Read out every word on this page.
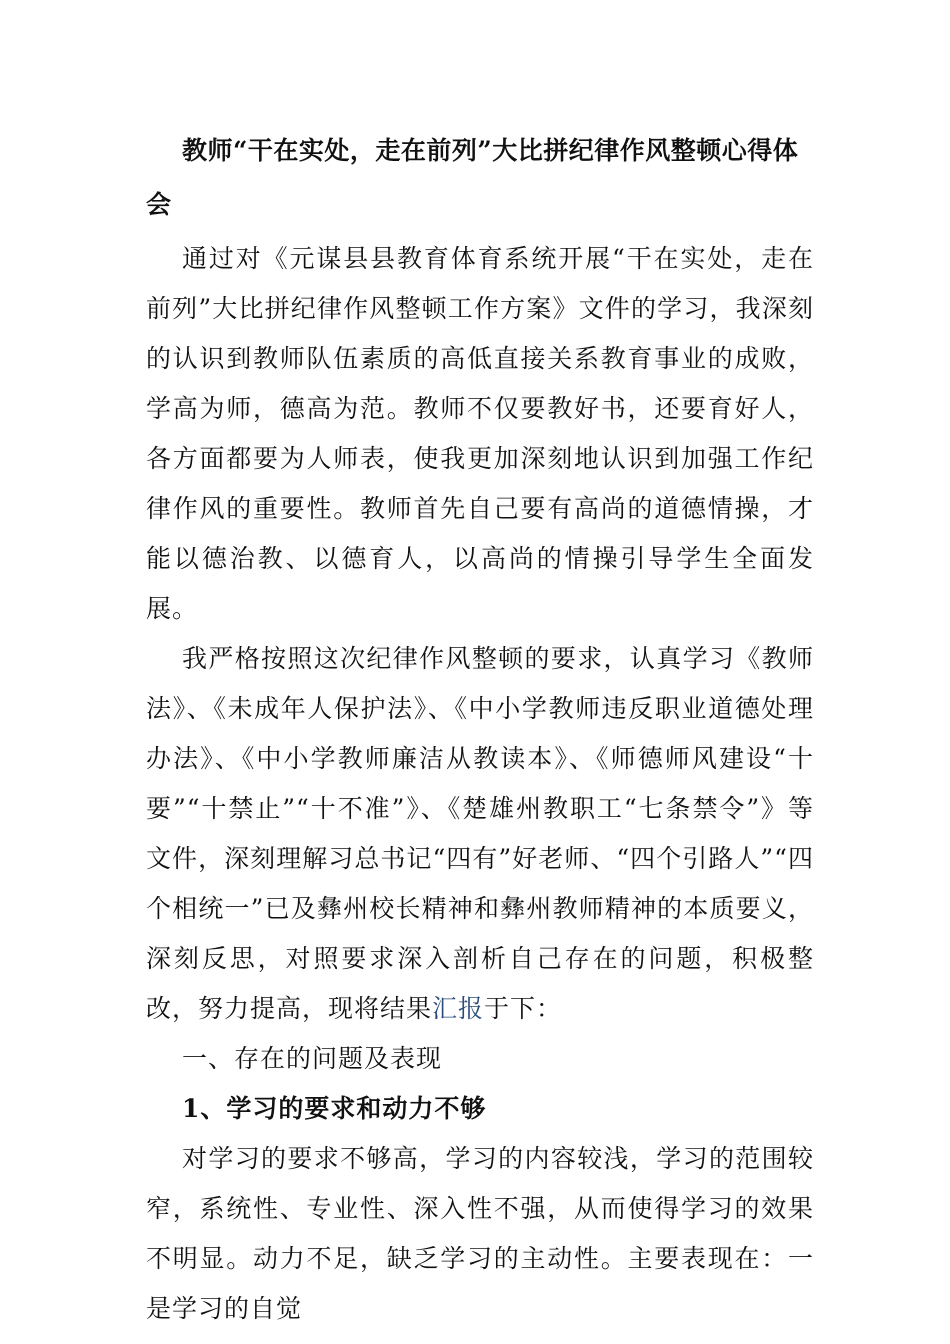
教师“干在实处，走在前列”大比拼纪律作风整顿心得体会

通过对《元谋县县教育体育系统开展“干在实处，走在前列”大比拼纪律作风整顿工作方案》文件的学习，我深刻的认识到教师队伍素质的高低直接关系教育事业的成败，学高为师，德高为范。教师不仅要教好书，还要育好人，各方面都要为人师表，使我更加深刻地认识到加强工作纪律作风的重要性。教师首先自己要有高尚的道德情操，才能以德治教、以德育人，以高尚的情操引导学生全面发展。

我严格按照这次纪律作风整顿的要求，认真学习《教师法》、《未成年人保护法》、《中小学教师违反职业道德处理办法》、《中小学教师廉洁从教读本》、《师德师风建设“十要”“十禁止”“十不准”》、《楚雄州教职工“七条禁令”》等文件，深刻理解习总书记“四有”好老师、“四个引路人”“四个相统一”已及彝州校长精神和彝州教师精神的本质要义，深刻反思，对照要求深入剖析自己存在的问题，积极整改，努力提高，现将结果汇报于下：

一、存在的问题及表现
1、学习的要求和动力不够

对学习的要求不够高，学习的内容较浅，学习的范围较窄，系统性、专业性、深入性不强，从而使得学习的效果不明显。动力不足，缺乏学习的主动性。主要表现在：一是学习的自觉
